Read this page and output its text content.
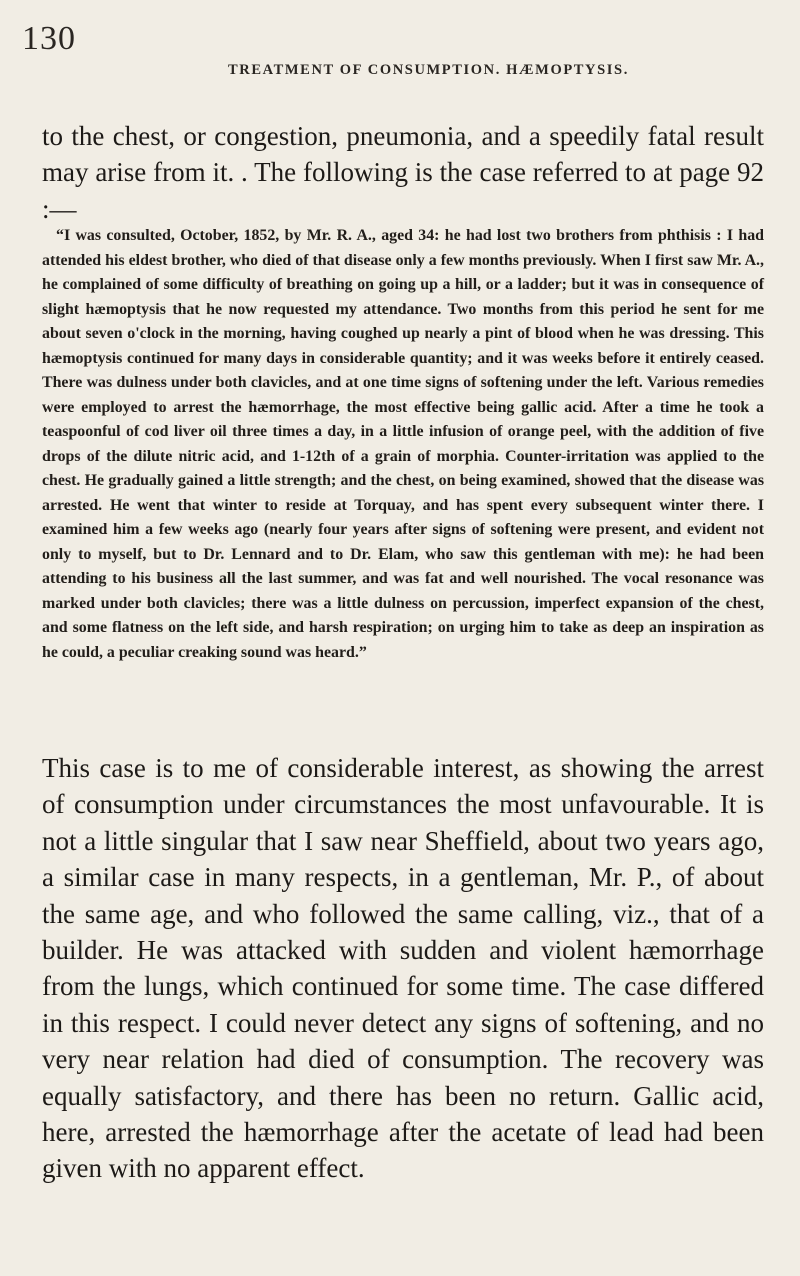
130
TREATMENT OF CONSUMPTION. HÆMOPTYSIS.

to the chest, or congestion, pneumonia, and a speedily fatal result may arise from it. . The following is the case referred to at page 92 :—

“I was consulted, October, 1852, by Mr. R. A., aged 34: he had lost two brothers from phthisis : I had attended his eldest brother, who died of that disease only a few months previously. When I first saw Mr. A., he complained of some difficulty of breathing on going up a hill, or a ladder; but it was in consequence of slight hæmoptysis that he now requested my attendance. Two months from this period he sent for me about seven o'clock in the morning, having coughed up nearly a pint of blood when he was dressing. This hæmoptysis continued for many days in considerable quantity; and it was weeks before it entirely ceased. There was dulness under both clavicles, and at one time signs of softening under the left. Various remedies were employed to arrest the hæmorrhage, the most effective being gallic acid. After a time he took a teaspoonful of cod liver oil three times a day, in a little infusion of orange peel, with the addition of five drops of the dilute nitric acid, and 1-12th of a grain of morphia. Counter-irritation was applied to the chest. He gradually gained a little strength; and the chest, on being examined, showed that the disease was arrested. He went that winter to reside at Torquay, and has spent every subsequent winter there. I examined him a few weeks ago (nearly four years after signs of softening were present, and evident not only to myself, but to Dr. Lennard and to Dr. Elam, who saw this gentleman with me): he had been attending to his business all the last summer, and was fat and well nourished. The vocal resonance was marked under both clavicles; there was a little dulness on percussion, imperfect expansion of the chest, and some flatness on the left side, and harsh respiration; on urging him to take as deep an inspiration as he could, a peculiar creaking sound was heard.”

This case is to me of considerable interest, as showing the arrest of consumption under circumstances the most unfavourable. It is not a little singular that I saw near Sheffield, about two years ago, a similar case in many respects, in a gentleman, Mr. P., of about the same age, and who followed the same calling, viz., that of a builder. He was attacked with sudden and violent hæmorrhage from the lungs, which continued for some time. The case differed in this respect. I could never detect any signs of softening, and no very near relation had died of consumption. The recovery was equally satisfactory, and there has been no return. Gallic acid, here, arrested the hæmorrhage after the acetate of lead had been given with no apparent effect.
